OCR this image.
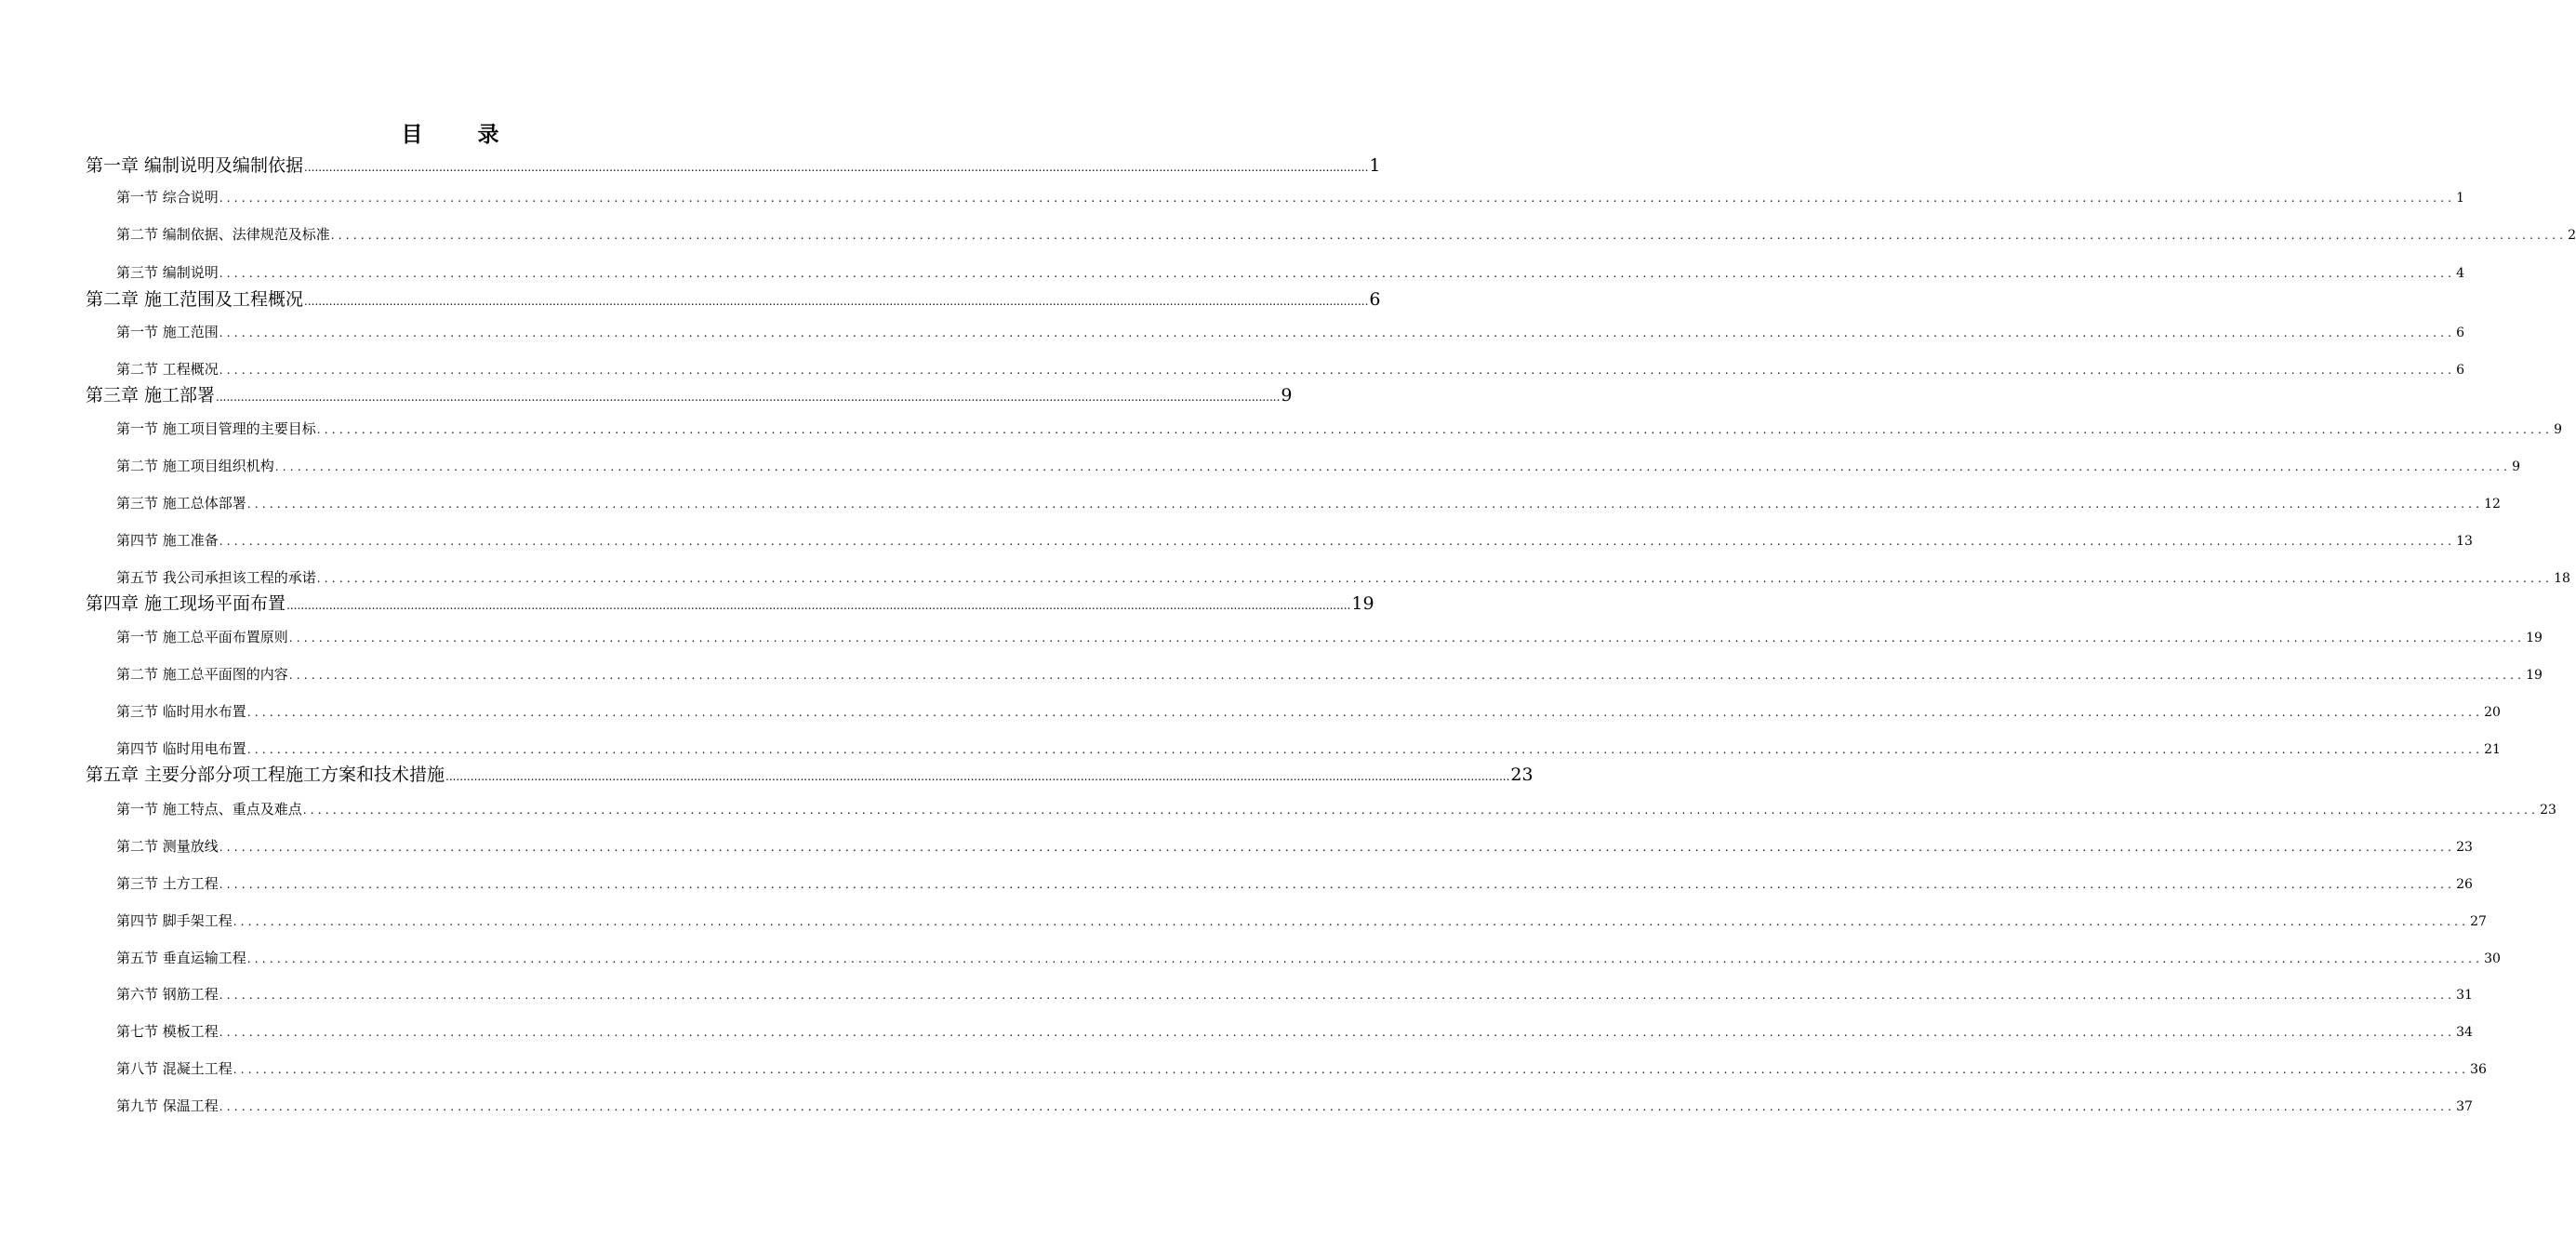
目　录
第一章 编制说明及编制依据 ............................................................................................................................................................................................................................................................................................................ 1
第一节 综合说明 ............................................................................................................................................................................................................................................................................................................ 1
第二节 编制依据、法律规范及标准 ............................................................................................................................................................................................................................................................................................................ 2
第三节 编制说明 ............................................................................................................................................................................................................................................................................................................ 4
第二章 施工范围及工程概况 ............................................................................................................................................................................................................................................................................................................ 6
第一节 施工范围 ............................................................................................................................................................................................................................................................................................................ 6
第二节 工程概况 ............................................................................................................................................................................................................................................................................................................ 6
第三章 施工部署 ............................................................................................................................................................................................................................................................................................................ 9
第一节 施工项目管理的主要目标 ............................................................................................................................................................................................................................................................................................................ 9
第二节 施工项目组织机构 ............................................................................................................................................................................................................................................................................................................ 9
第三节 施工总体部署 ............................................................................................................................................................................................................................................................................................................ 12
第四节 施工准备 ............................................................................................................................................................................................................................................................................................................ 13
第五节 我公司承担该工程的承诺 ............................................................................................................................................................................................................................................................................................................ 18
第四章 施工现场平面布置 ............................................................................................................................................................................................................................................................................................................ 19
第一节 施工总平面布置原则 ............................................................................................................................................................................................................................................................................................................ 19
第二节 施工总平面图的内容 ............................................................................................................................................................................................................................................................................................................ 19
第三节 临时用水布置 ............................................................................................................................................................................................................................................................................................................ 20
第四节 临时用电布置 ............................................................................................................................................................................................................................................................................................................ 21
第五章 主要分部分项工程施工方案和技术措施 ............................................................................................................................................................................................................................................................................................................ 23
第一节 施工特点、重点及难点 ............................................................................................................................................................................................................................................................................................................ 23
第二节 测量放线 ............................................................................................................................................................................................................................................................................................................ 23
第三节 土方工程 ............................................................................................................................................................................................................................................................................................................ 26
第四节 脚手架工程 ............................................................................................................................................................................................................................................................................................................ 27
第五节 垂直运输工程 ............................................................................................................................................................................................................................................................................................................ 30
第六节 钢筋工程 ............................................................................................................................................................................................................................................................................................................ 31
第七节 模板工程 ............................................................................................................................................................................................................................................................................................................ 34
第八节 混凝土工程 ............................................................................................................................................................................................................................................................................................................ 36
第九节 保温工程 ............................................................................................................................................................................................................................................................................................................ 37
